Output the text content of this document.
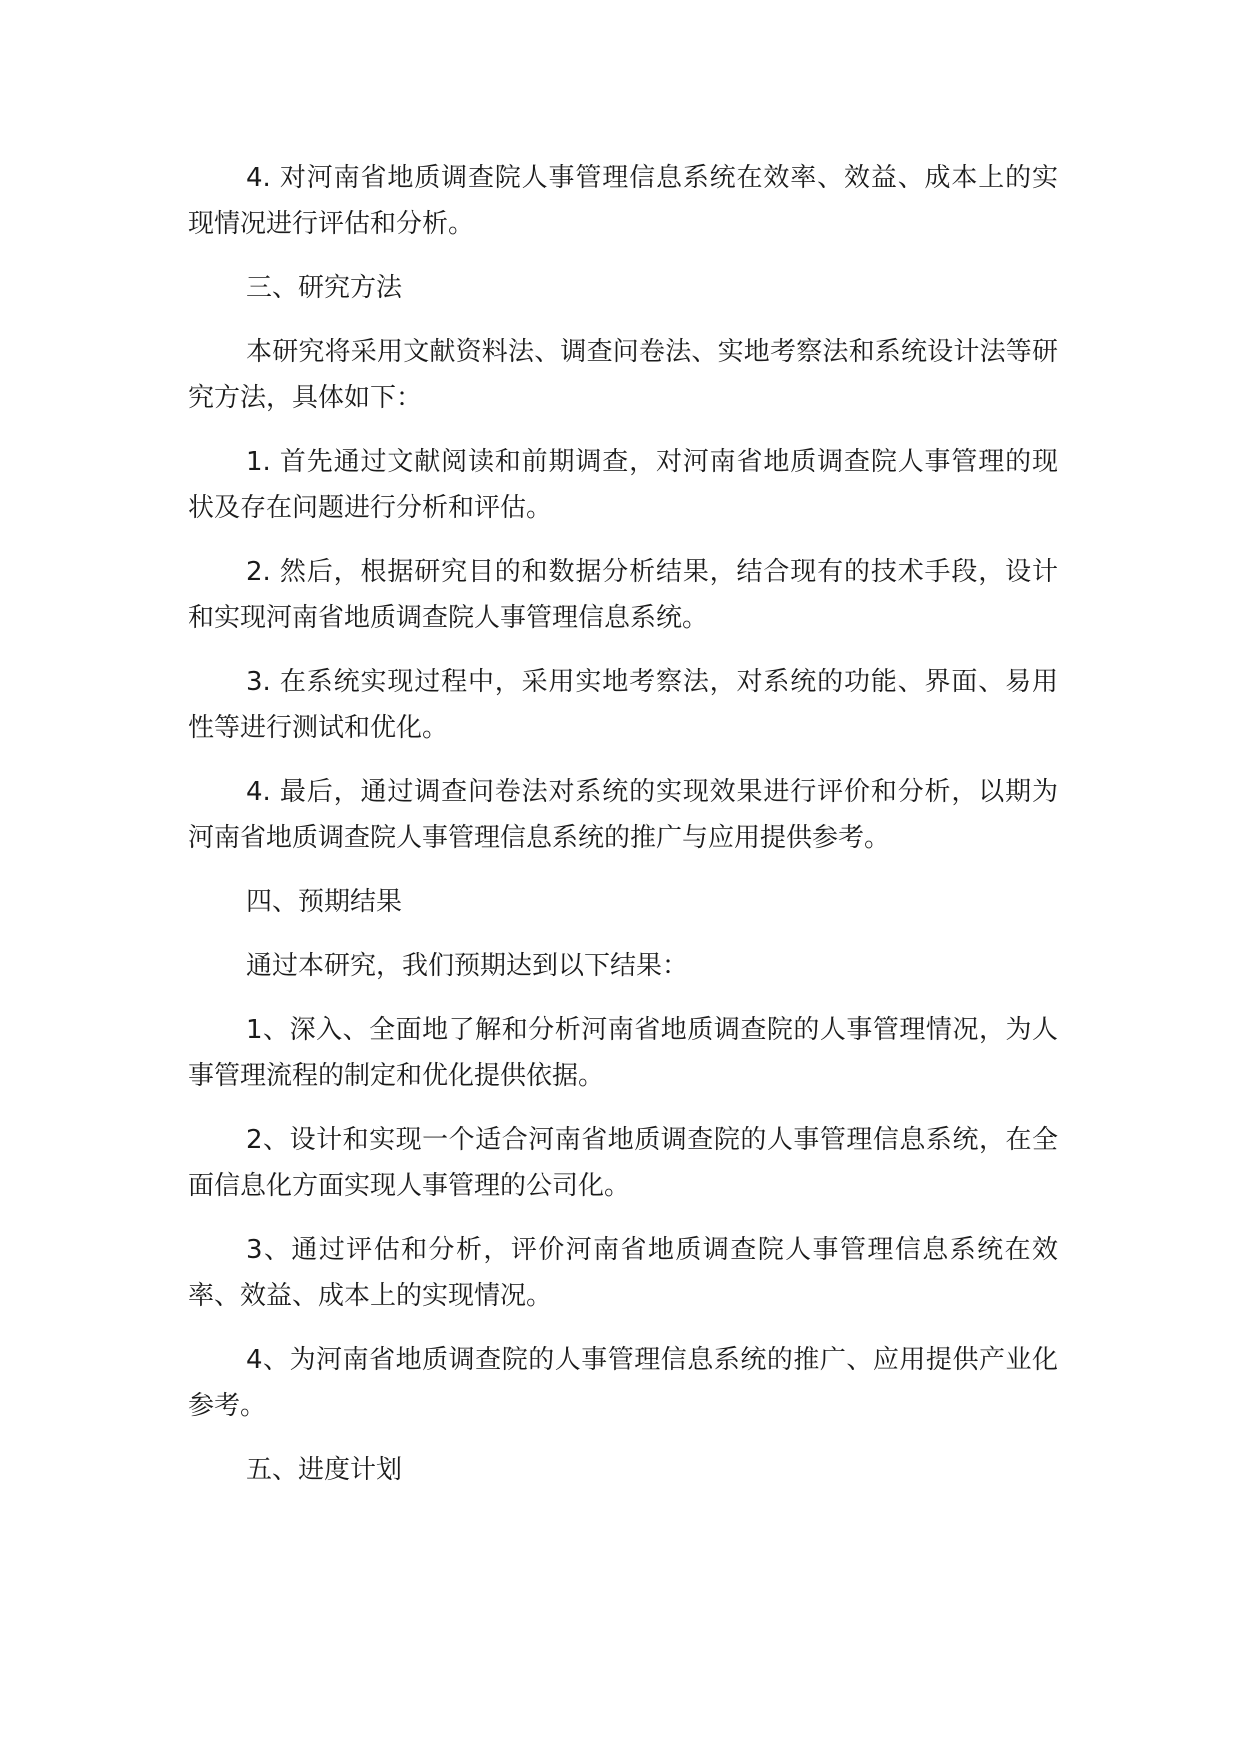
4. 对河南省地质调查院人事管理信息系统在效率、效益、成本上的实现情况进行评估和分析。

三、研究方法

本研究将采用文献资料法、调查问卷法、实地考察法和系统设计法等研究方法，具体如下：

1. 首先通过文献阅读和前期调查，对河南省地质调查院人事管理的现状及存在问题进行分析和评估。

2. 然后，根据研究目的和数据分析结果，结合现有的技术手段，设计和实现河南省地质调查院人事管理信息系统。

3. 在系统实现过程中，采用实地考察法，对系统的功能、界面、易用性等进行测试和优化。

4. 最后，通过调查问卷法对系统的实现效果进行评价和分析，以期为河南省地质调查院人事管理信息系统的推广与应用提供参考。

四、预期结果

通过本研究，我们预期达到以下结果：

1、深入、全面地了解和分析河南省地质调查院的人事管理情况，为人事管理流程的制定和优化提供依据。

2、设计和实现一个适合河南省地质调查院的人事管理信息系统，在全面信息化方面实现人事管理的公司化。

3、通过评估和分析，评价河南省地质调查院人事管理信息系统在效率、效益、成本上的实现情况。

4、为河南省地质调查院的人事管理信息系统的推广、应用提供产业化参考。

五、进度计划
